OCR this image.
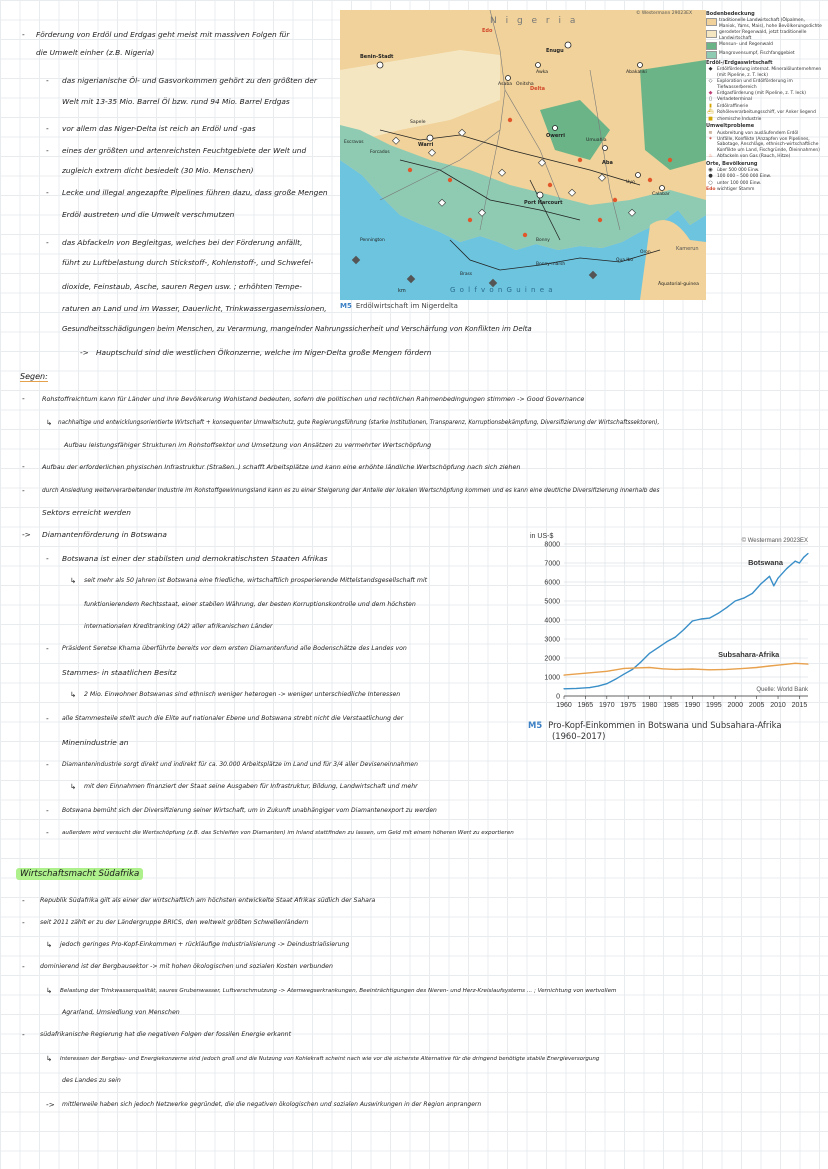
N i g e r i a
Benin-Stadt
Asaba Onitsha
Awka
Enugu
Abakaliki
Warri
Sapele
Forcados
Escravos
Owerri
Umuahia
Aba
Port Harcourt
Uyo
Calabar
Bonny
Brass
Pennington
Oron
Bonny-marsh
Qua Ibo
Kamerun
Edo
Delta
G o l f v o n G u i n e a
km
Äquatorial-guinea
© Westermann 29023EX	Bodenbedeckung
traditionelle Landwirtschaft (Ölpalmen, Maniok, Yams, Mais), hohe Bevölkerungsdichte
gerodeter Regenwald, jetzt traditionelle Landwirtschaft
Monsun- und Regenwald
Mangrovensumpf, Fischfanggebiet
Erdöl-/Erdgaswirtschaft
◆	Erdölförderung internat. Mineralölunternehmen (mit Pipeline, z. T. leck)
◇	Exploration und Erdölförderung im Tiefwasserbereich
◆	Erdgasförderung (mit Pipeline, z. T. leck)
▯	Verladeterminal
▮	Erdölraffinerie
⛴ Rohöleverarbeitungsschiff, vor Anker liegend
■ chemische Industrie
Umweltprobleme
≋	Ausbreitung von ausläufendem Erdöl
✶	Unfälle, Konflikte (Anzapfen von Pipelines, Sabotage, Anschläge, ethnisch-wirtschaftliche Konflikte um Land, Fischgründe, Ölеinnahmen)
♨ Abfackeln von Gas (Rauch, Hitze)
Orte, Bevölkerung
◉ über 500 000 Einw.
● 100 000 – 500 000 Einw.
○ unter 100 000 Einw.
Edo wichtiger Stamm
M5 Erdölwirtschaft im Nigerdelta
- Förderung von Erdöl und Erdgas geht meist mit massiven Folgen für
die Umwelt einher (z.B. Nigeria)
- das nigerianische Öl- und Gasvorkommen gehört zu den größten der
Welt mit 13-35 Mio. Barrel Öl bzw. rund 94 Mio. Barrel Erdgas
- vor allem das Niger-Delta ist reich an Erdöl und -gas
- eines der größten und artenreichsten Feuchtgebiete der Welt und
zugleich extrem dicht besiedelt (30 Mio. Menschen)
- Lecke und illegal angezapfte Pipelines führen dazu, dass große Mengen
Erdöl austreten und die Umwelt verschmutzen
- das Abfackeln von Begleitgas, welches bei der Förderung anfällt,
führt zu Luftbelastung durch Stickstoff-, Kohlenstoff-, und Schwefel-
dioxide, Feinstaub, Asche, sauren Regen usw. ; erhöhten Tempe-
raturen an Land und im Wasser, Dauerlicht, Trinkwassergasemissionen,
Gesundheitsschädigungen beim Menschen, zu Verarmung, mangelnder Nahrungssicherheit und Verschärfung von Konflikten im Delta
-> Hauptschuld sind die westlichen Ölkonzerne, welche im Niger-Delta große Mengen fördern
Segen:
-	Rohstoffreichtum kann für Länder und ihre Bevölkerung Wohlstand bedeuten, sofern die politischen und rechtlichen Rahmenbedingungen stimmen -> Good Governance
↳ nachhaltige und entwicklungsorientierte Wirtschaft + konsequenter Umweltschutz, gute Regierungsführung (starke Institutionen, Transparenz, Korruptionsbekämpfung, Diversifizierung der Wirtschaftssektoren),
Aufbau leistungsfähiger Strukturen im Rohstoffsektor und Umsetzung von Ansätzen zu vermehrter Wertschöpfung
-	Aufbau der erforderlichen physischen Infrastruktur (Straßen..) schafft Arbeitsplätze und kann eine erhöhte ländliche Wertschöpfung nach sich ziehen
-	durch Ansiedlung weiterverarbeitender Industrie im Rohstoffgewinnungsland kann es zu einer Steigerung der Anteile der lokalen Wertschöpfung kommen und es kann eine deutliche Diversifizierung innerhalb des
Sektors erreicht werden
-> Diamantenförderung in Botswana
- Botswana ist einer der stabilsten und demokratischsten Staaten Afrikas
↳ seit mehr als 50 Jahren ist Botswana eine friedliche, wirtschaftlich prosperierende Mittelstandsgesellschaft mit
funktionierendem Rechtsstaat, einer stabilen Währung, der besten Korruptionskontrolle und dem höchsten
internationalen Kreditranking (A2) aller afrikanischen Länder
- Präsident Seretse Khama überführte bereits vor dem ersten Diamantenfund alle Bodenschätze des Landes von
Stammes- in staatlichen Besitz
↳ 2 Mio. Einwohner Botswanas sind ethnisch weniger heterogen -> weniger unterschiedliche Interessen
- alle Stammesteile stellt auch die Elite auf nationaler Ebene und Botswana strebt nicht die Verstaatlichung der
Minenindustrie an
- Diamantenindustrie sorgt direkt und indirekt für ca. 30.000 Arbeitsplätze im Land und für 3/4 aller Deviseneinnahmen
↳ mit den Einnahmen finanziert der Staat seine Ausgaben für Infrastruktur, Bildung, Landwirtschaft und mehr
- Botswana bemüht sich der Diversifizierung seiner Wirtschaft, um in Zukunft unabhängiger vom Diamantenexport zu werden
- außerdem wird versucht die Wertschöpfung (z.B. das Schleifen von Diamanten) im Inland stattfinden zu lassen, um Geld mit einem höheren Wert zu exportieren
0
1000
2000
3000
4000
5000
6000
7000
8000
1960 1965 1970 1975 1980 1985 1990 1995 2000 2005 2010 2015
in US-$
© Westermann 29023EX
Quelle: World Bank
Botswana
Subsahara-Afrika
M5 Pro-Kopf-Einkommen in Botswana und Subsahara-Afrika
(1960–2017)
Wirtschaftsmacht Südafrika
- Republik Südafrika gilt als einer der wirtschaftlich am höchsten entwickelte Staat Afrikas südlich der Sahara
- seit 2011 zählt er zu der Ländergruppe BRICS, den weltweit größten Schwellenländern
↳ jedoch geringes Pro-Kopf-Einkommen + rückläufige Industrialisierung -> Deindustrialisierung
- dominierend ist der Bergbausektor -> mit hohen ökologischen und sozialen Kosten verbunden
↳ Belastung der Trinkwasserqualität, saures Grubenwasser, Luftverschmutzung -> Atemwegserkrankungen, Beeinträchtigungen des Nieren- und Herz-Kreislaufsystems ... ; Vernichtung von wertvollem
Agrarland, Umsiedlung von Menschen
- südafrikanische Regierung hat die negativen Folgen der fossilen Energie erkannt
↳ Interessen der Bergbau- und Energiekonzerne sind jedoch groß und die Nutzung von Kohlekraft scheint nach wie vor die sicherste Alternative für die dringend benötigte stabile Energieversorgung
des Landes zu sein
-> mittlerweile haben sich jedoch Netzwerke gegründet, die die negativen ökologischen und sozialen Auswirkungen in der Region anprangern
